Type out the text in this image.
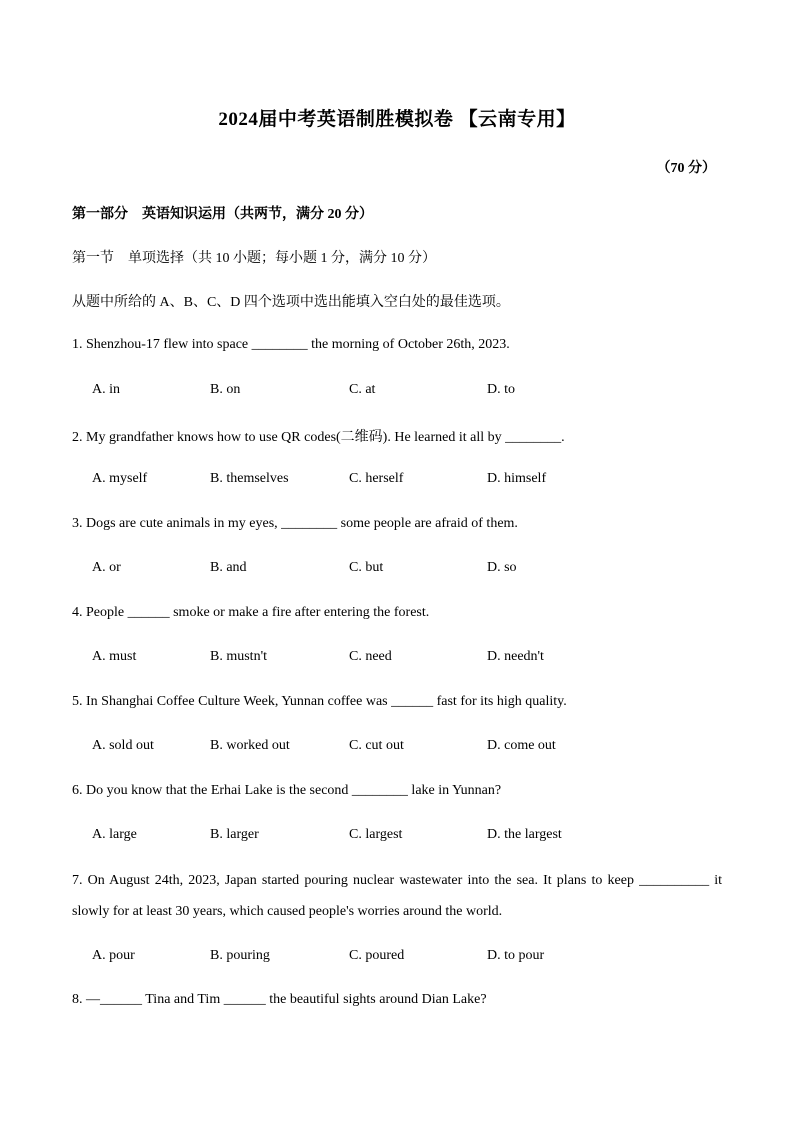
2024届中考英语制胜模拟卷 【云南专用】
（70 分）
第一部分　英语知识运用（共两节，满分 20 分）
第一节　单项选择（共 10 小题；每小题 1 分，满分 10 分）
从题中所给的 A、B、C、D 四个选项中选出能填入空白处的最佳选项。
1. Shenzhou-17 flew into space ________ the morning of October 26th, 2023.
A. in	B. on	C. at	D. to
2. My grandfather knows how to use QR codes(二维码). He learned it all by ________.
A. myself	B. themselves	C. herself	D. himself
3. Dogs are cute animals in my eyes, ________ some people are afraid of them.
A. or	B. and	C. but	D. so
4. People ______ smoke or make a fire after entering the forest.
A. must	B. mustn't	C. need	D. needn't
5. In Shanghai Coffee Culture Week, Yunnan coffee was ______ fast for its high quality.
A. sold out	B. worked out	C. cut out	D. come out
6. Do you know that the Erhai Lake is the second ________ lake in Yunnan?
A. large	B. larger	C. largest	D. the largest
7. On August 24th, 2023, Japan started pouring nuclear wastewater into the sea. It plans to keep __________ it slowly for at least 30 years, which caused people's worries around the world.
A. pour	B. pouring	C. poured	D. to pour
8. —______ Tina and Tim ______ the beautiful sights around Dian Lake?
